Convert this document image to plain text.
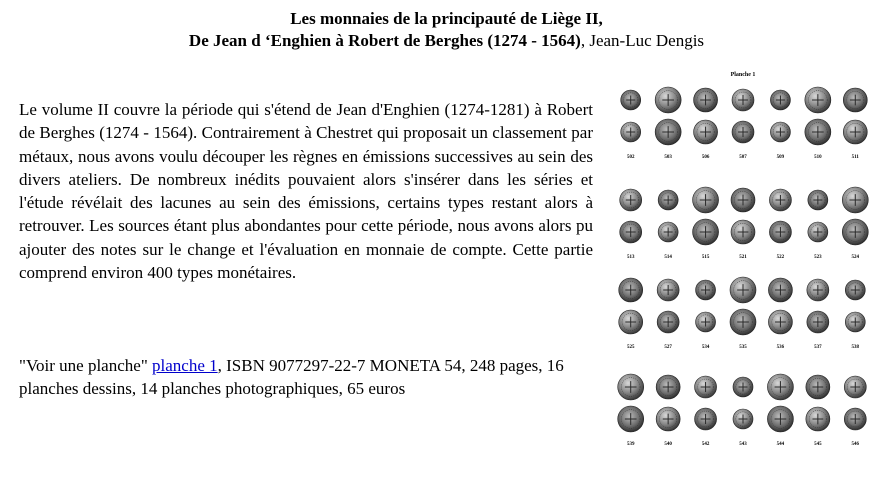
Les monnaies de la principauté de Liège II,
De Jean d ‘Enghien à Robert de Berghes (1274 - 1564), Jean-Luc Dengis

Le volume II couvre la période qui s'étend de Jean d'Enghien (1274-1281) à Robert de Berghes (1274 - 1564). Contrairement à Chestret qui proposait un classement par métaux, nous avons voulu découper les règnes en émissions successives au sein des divers ateliers. De nombreux inédits pouvaient alors s'insérer dans les séries et l'étude révélait des lacunes au sein des émissions, certains types restant alors à retrouver. Les sources étant plus abondantes pour cette période, nous avons alors pu ajouter des notes sur le change et l'évaluation en monnaie de compte. Cette partie comprend environ 400 types monétaires.

"Voir une planche" planche 1, ISBN 9077297-22-7 MONETA 54, 248 pages, 16 planches dessins, 14 planches photographiques, 65 euros

Planche 1
502	503	506	507	509	510	511
513	514	515	521	522	523	524
525	527	534	535	536	537	538
539	540	542	543	544	545	546
